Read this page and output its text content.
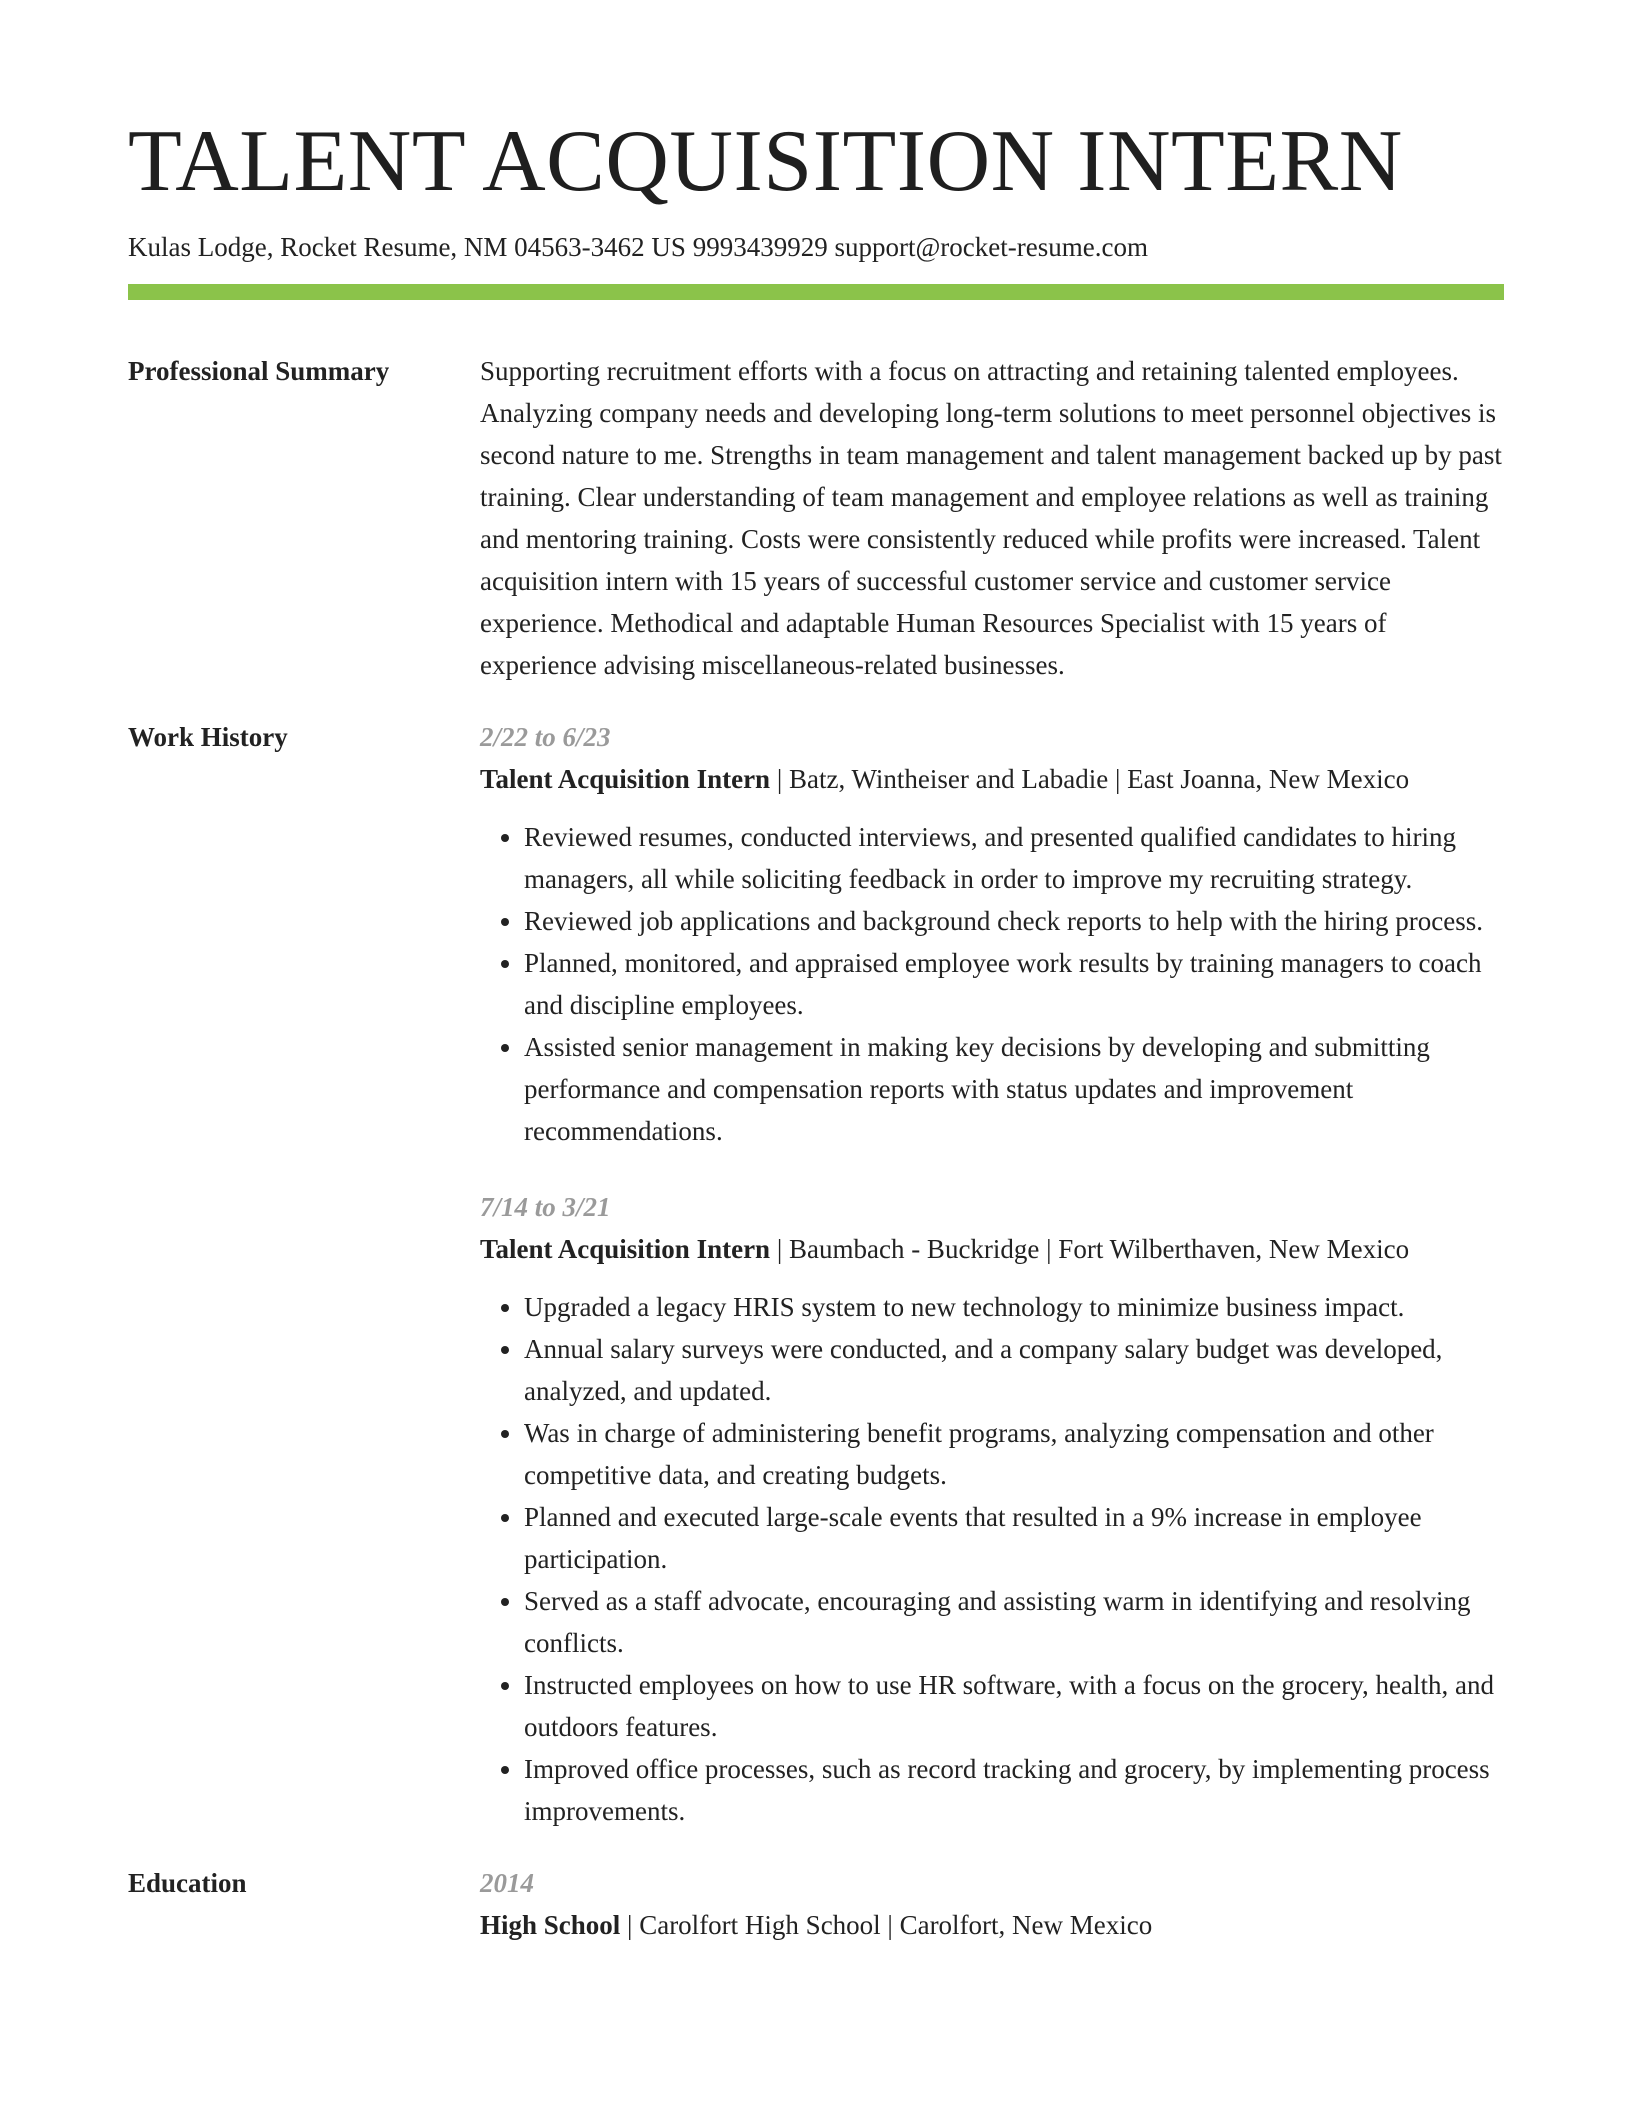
TALENT ACQUISITION INTERN
Kulas Lodge, Rocket Resume, NM 04563-3462 US 9993439929 support@rocket-resume.com
Professional Summary	Supporting recruitment efforts with a focus on attracting and retaining talented employees. Analyzing company needs and developing long-term solutions to meet personnel objectives is second nature to me. Strengths in team management and talent management backed up by past training. Clear understanding of team management and employee relations as well as training and mentoring training. Costs were consistently reduced while profits were increased. Talent acquisition intern with 15 years of successful customer service and customer service experience. Methodical and adaptable Human Resources Specialist with 15 years of experience advising miscellaneous-related businesses.
Work History	2/22 to 6/23
Talent Acquisition Intern | Batz, Wintheiser and Labadie | East Joanna, New Mexico
• Reviewed resumes, conducted interviews, and presented qualified candidates to hiring managers, all while soliciting feedback in order to improve my recruiting strategy.
• Reviewed job applications and background check reports to help with the hiring process.
• Planned, monitored, and appraised employee work results by training managers to coach and discipline employees.
• Assisted senior management in making key decisions by developing and submitting performance and compensation reports with status updates and improvement recommendations.
7/14 to 3/21
Talent Acquisition Intern | Baumbach - Buckridge | Fort Wilberthaven, New Mexico
• Upgraded a legacy HRIS system to new technology to minimize business impact.
• Annual salary surveys were conducted, and a company salary budget was developed, analyzed, and updated.
• Was in charge of administering benefit programs, analyzing compensation and other competitive data, and creating budgets.
• Planned and executed large-scale events that resulted in a 9% increase in employee participation.
• Served as a staff advocate, encouraging and assisting warm in identifying and resolving conflicts.
• Instructed employees on how to use HR software, with a focus on the grocery, health, and outdoors features.
• Improved office processes, such as record tracking and grocery, by implementing process improvements.
Education	2014
High School | Carolfort High School | Carolfort, New Mexico
